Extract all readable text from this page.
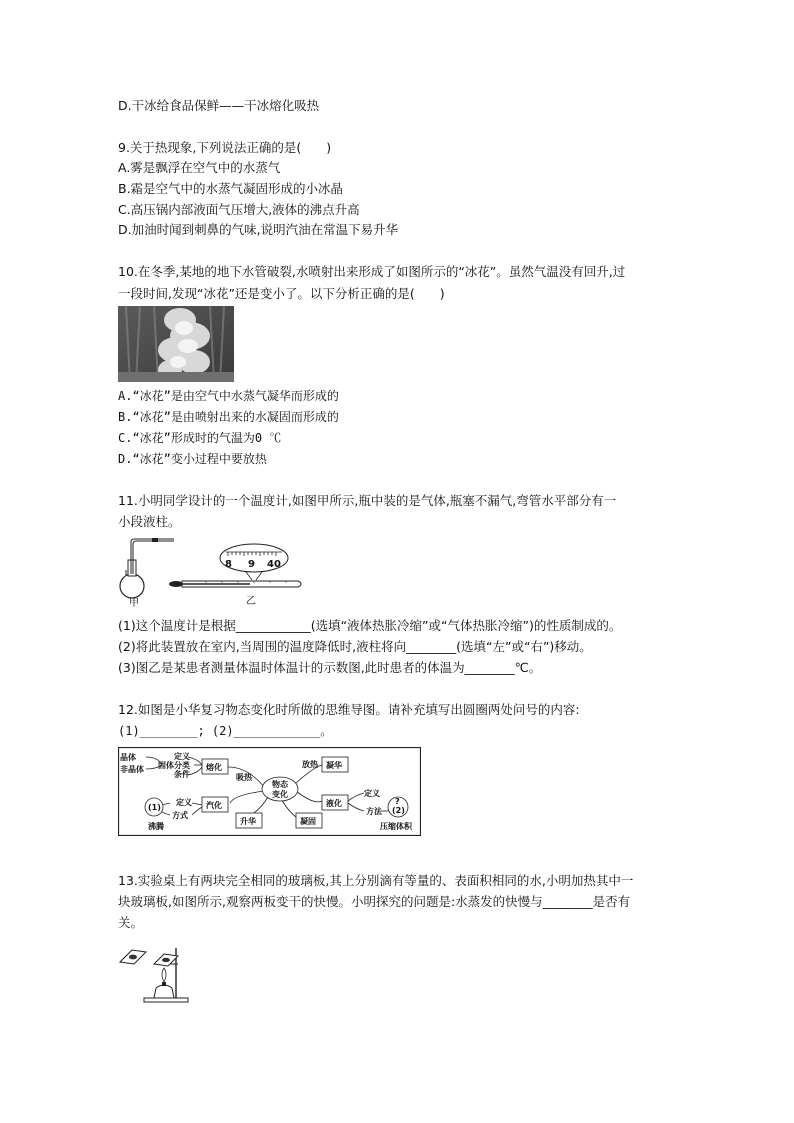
D.干冰给食品保鲜——干冰熔化吸热
9.关于热现象,下列说法正确的是(　　)
A.雾是飘浮在空气中的水蒸气
B.霜是空气中的水蒸气凝固形成的小冰晶
C.高压锅内部液面气压增大,液体的沸点升高
D.加油时闻到刺鼻的气味,说明汽油在常温下易升华
10.在冬季,某地的地下水管破裂,水喷射出来形成了如图所示的“冰花”。虽然气温没有回升,过
一段时间,发现“冰花”还是变小了。以下分析正确的是(　　)
A.“冰花”是由空气中水蒸气凝华而形成的
B.“冰花”是由喷射出来的水凝固而形成的
C.“冰花”形成时的气温为0 ℃
D.“冰花”变小过程中要放热
11.小明同学设计的一个温度计,如图甲所示,瓶中装的是气体,瓶塞不漏气,弯管水平部分有一
小段液柱。
甲
8 9 40
乙
(1)这个温度计是根据____________(选填“液体热胀冷缩”或“气体热胀冷缩”)的性质制成的。
(2)将此装置放在室内,当周围的温度降低时,液柱将向________(选填“左”或“右”)移动。
(3)图乙是某患者测量体温时体温计的示数图,此时患者的体温为________℃。
12.如图是小华复习物态变化时所做的思维导图。请补充填写出圆圈两处问号的内容:
(1)________; (2)____________。
晶体
非晶体
定义
固体分类
条件
熔化
吸热
物态
变化
放热 凝华
(1)
定义 汽化
方式
沸腾
升华
液化
定义
方法
?
(2)
压缩体积
凝固
13.实验桌上有两块完全相同的玻璃板,其上分别滴有等量的、表面积相同的水,小明加热其中一
块玻璃板,如图所示,观察两板变干的快慢。小明探究的问题是:水蒸发的快慢与________是否有
关。
